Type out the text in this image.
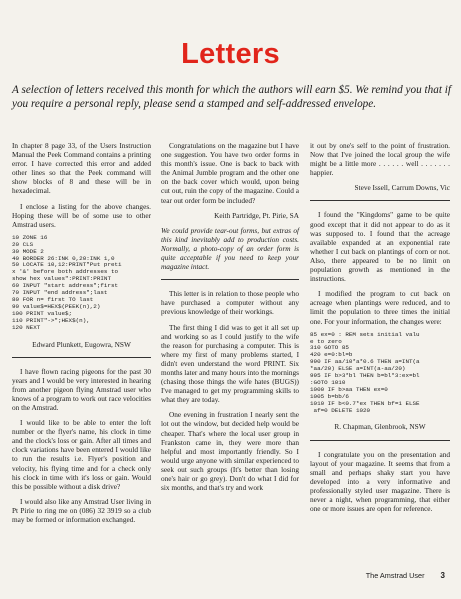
Letters

A selection of letters received this month for which the authors will earn $5. We remind you that if you require a personal reply, please send a stamped and self-addressed envelope.

In chapter 8 page 33, of the Users Instruction Manual the Peek Command contains a printing error. I have corrected this error and added other lines so that the Peek command will show blocks of 8 and these will be in hexadecimal.

I enclose a listing for the above changes. Hoping these will be of some use to other Amstrad users.

10 ZONE 16
20 CLS
30 MODE 2
40 BORDER 26:INK 0,20:INK 1,0
50 LOCATE 10,12:PRINT"Put preti
x '&' before both addresses to
show hex values":PRINT:PRINT
60 INPUT "start address";first
70 INPUT "end address";last
80 FOR n= first TO last
90 value$=HEX$(PEEK(n),2)
100 PRINT value$;
110 PRINT"->";HEX$(n),
120 NEXT

Edward Plunkett, Eugowra, NSW

I have flown racing pigeons for the past 30 years and I would be very interested in hearing from another pigeon flying Amstrad user who knows of a program to work out race velocities on the Amstrad.

I would like to be able to enter the loft number or the flyer's name, his clock in time and the clock's loss or gain. After all times and clock variations have been entered I would like to run the results i.e. Flyer's position and velocity, his flying time and for a check only his clock in time with it's loss or gain. Would this be possible without a disk drive?

I would also like any Amstrad User living in Pt Pirie to ring me on (086) 32 3919 so a club may be formed or information exchanged.

Congratulations on the magazine but I have one suggestion. You have two order forms in this month's issue. One is back to back with the Animal Jumble program and the other one on the back cover which would, upon being cut out, ruin the copy of the magazine. Could a tear out order form be included?

Keith Partridge, Pt. Pirie, SA

We could provide tear-out forms, but extras of this kind inevitably add to production costs. Normally, a photo-copy of an order form is quite acceptable if you need to keep your magazine intact.

This letter is in relation to those people who have purchased a computer without any previous knowledge of their workings.

The first thing I did was to get it all set up and working so as I could justify to the wife the reason for purchasing a computer. This is where my first of many problems started, I didn't even understand the word PRINT. Six months later and many hours into the mornings (chasing those things the wife hates (BUGS)) I've managed to get my programming skills to what they are today.

One evening in frustration I nearly sent the lot out the window, but decided help would be cheaper. That's where the local user group in Frankston came in, they were more than helpful and most importantly friendly. So I would urge anyone with similar experienced to seek out such groups (It's better than losing one's hair or go grey). Don't do what I did for six months, and that's try and work

it out by one's self to the point of frustration. Now that I've joined the local group the wife might be a little more . . . . . . well . . . . . . . happier.

Steve Issell, Carrum Downs, Vic

I found the "Kingdoms" game to be quite good except that it did not appear to do as it was supposed to. I found that the acreage available expanded at an exponential rate whether I cut back on plantings of corn or not. Also, there appeared to be no limit on population growth as mentioned in the instructions.

I modified the program to cut back on acreage when plantings were reduced, and to limit the population to three times the initial one. For your information, the changes were:

85 ex=0 : REM sets initial valu
e to zero
310 GOTO 85
420 e=0:bl=b
990 IF aa/10*a*0.6 THEN a=INT(a
*aa/20) ELSE a=INT(a-aa/20)
995 IF b>3*bl THEN b=bl*3:ex=bl
:GOTO 1010
1000 IF b>aa THEN ex=0
1005 b=bb/6
1010 IF b<0.7*ex THEN bf=1 ELSE
af=0 DELETE 1020

R. Chapman, Glenbrook, NSW

I congratulate you on the presentation and layout of your magazine. It seems that from a small and perhaps shaky start you have developed into a very informative and professionally styled user magazine. There is never a night, when programming, that either one or more issues are open for reference.

The Amstrad User 3
